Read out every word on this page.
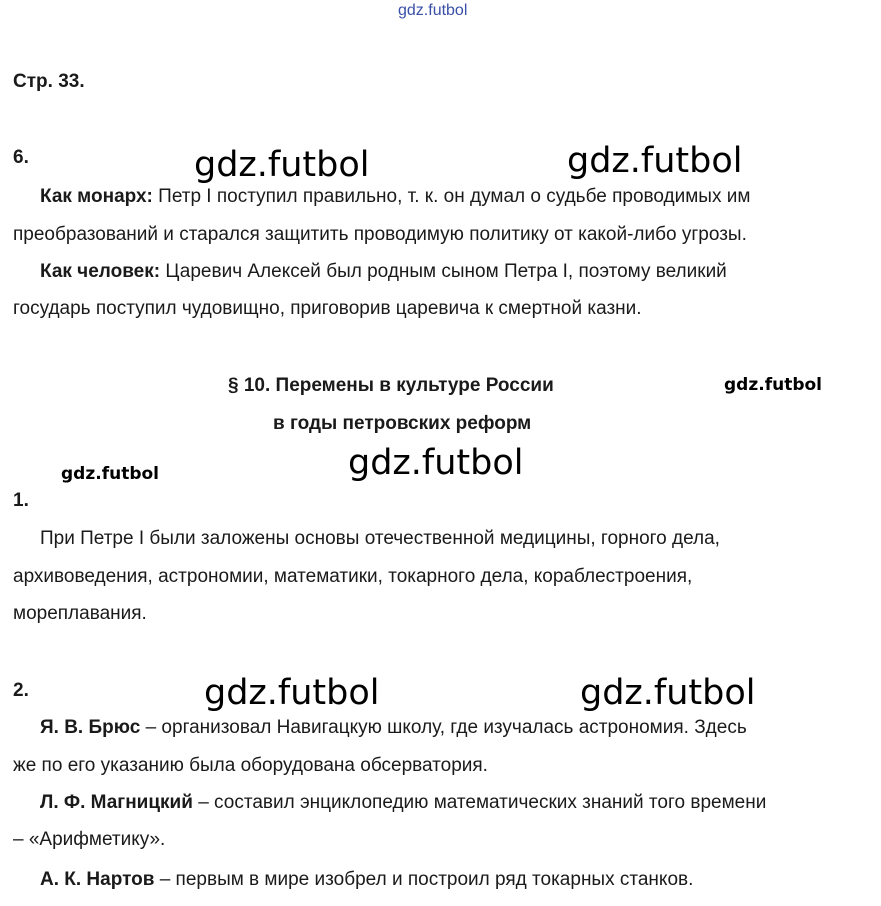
gdz.futbol
Стр. 33.
6.	gdz.futbol	gdz.futbol
Как монарх: Петр I поступил правильно, т. к. он думал о судьбе проводимых им
преобразований и старался защитить проводимую политику от какой-либо угрозы.
Как человек: Царевич Алексей был родным сыном Петра I, поэтому великий
государь поступил чудовищно, приговорив царевича к смертной казни.
§ 10. Перемены в культуре России
в годы петровских реформ
gdz.futbol
gdz.futbol	gdz.futbol
1.
При Петре I были заложены основы отечественной медицины, горного дела,
архивоведения, астрономии, математики, токарного дела, кораблестроения,
мореплавания.
2.	gdz.futbol	gdz.futbol
Я. В. Брюс – организовал Навигацкую школу, где изучалась астрономия. Здесь
же по его указанию была оборудована обсерватория.
Л. Ф. Магницкий – составил энциклопедию математических знаний того времени
– «Арифметику».
А. К. Нартов – первым в мире изобрел и построил ряд токарных станков.
